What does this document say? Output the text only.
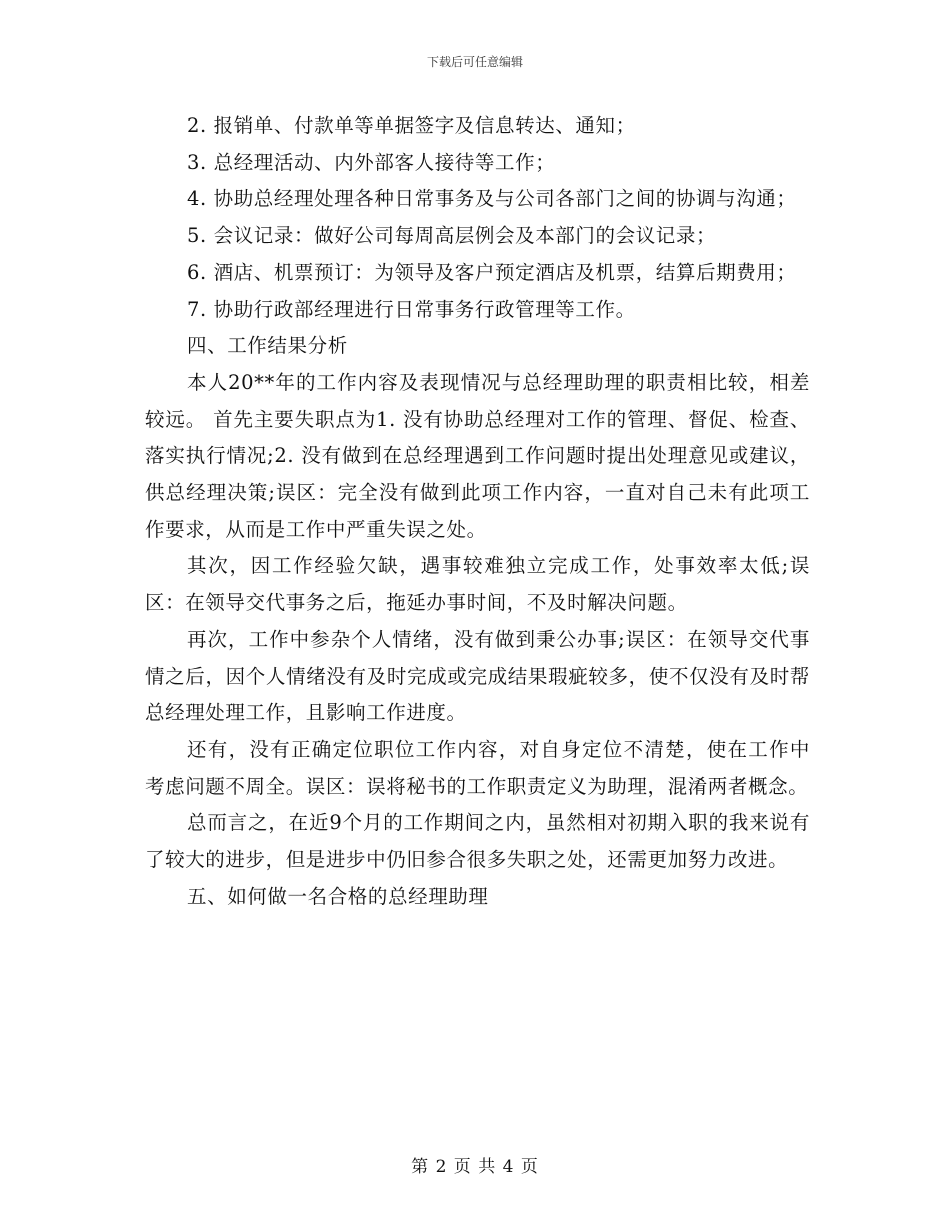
下载后可任意编辑

2. 报销单、付款单等单据签字及信息转达、通知；

3. 总经理活动、内外部客人接待等工作；

4. 协助总经理处理各种日常事务及与公司各部门之间的协调与沟通；

5. 会议记录：做好公司每周高层例会及本部门的会议记录；

6. 酒店、机票预订：为领导及客户预定酒店及机票，结算后期费用；

7. 协助行政部经理进行日常事务行政管理等工作。

四、工作结果分析

本人20**年的工作内容及表现情况与总经理助理的职责相比较，相差较远。 首先主要失职点为1. 没有协助总经理对工作的管理、督促、检查、落实执行情况;2. 没有做到在总经理遇到工作问题时提出处理意见或建议，供总经理决策;误区：完全没有做到此项工作内容，一直对自己未有此项工作要求，从而是工作中严重失误之处。

其次，因工作经验欠缺，遇事较难独立完成工作，处事效率太低;误区：在领导交代事务之后，拖延办事时间，不及时解决问题。

再次，工作中参杂个人情绪，没有做到秉公办事;误区：在领导交代事情之后，因个人情绪没有及时完成或完成结果瑕疵较多，使不仅没有及时帮总经理处理工作，且影响工作进度。

还有，没有正确定位职位工作内容，对自身定位不清楚，使在工作中考虑问题不周全。误区：误将秘书的工作职责定义为助理，混淆两者概念。

总而言之，在近9个月的工作期间之内，虽然相对初期入职的我来说有了较大的进步，但是进步中仍旧参合很多失职之处，还需更加努力改进。

五、如何做一名合格的总经理助理

第 2 页 共 4 页
